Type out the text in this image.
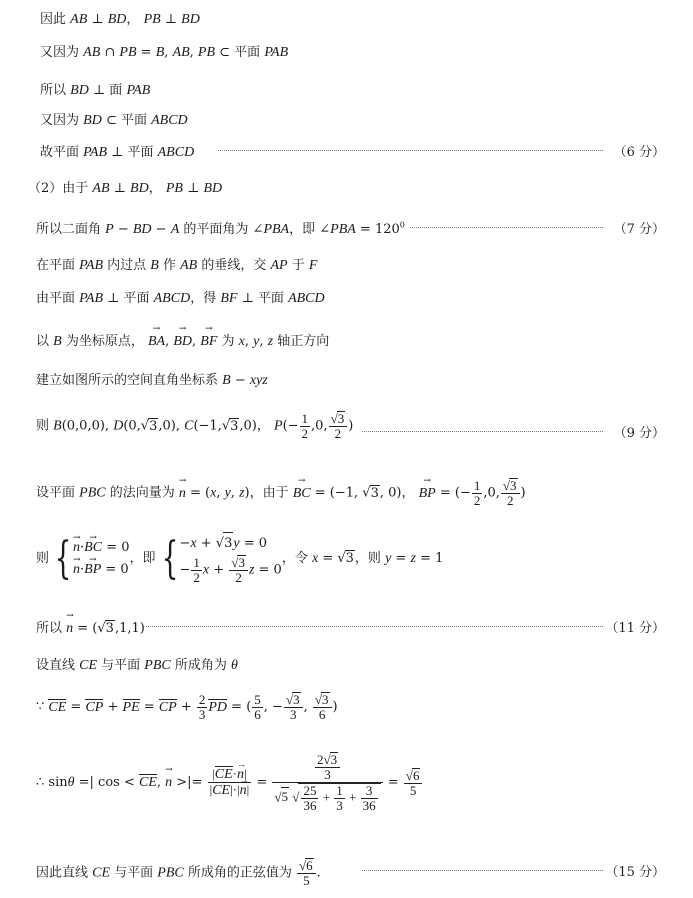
因此 AB ⊥ BD， PB ⊥ BD
又因为 AB ∩ PB = B, AB, PB ⊂ 平面 PAB
所以 BD ⊥ 面 PAB
又因为 BD ⊂ 平面 ABCD
故平面 PAB ⊥ 平面 ABCD	（6 分）
（2）由于 AB ⊥ BD， PB ⊥ BD
所以二面角 P − BD − A 的平面角为 ∠PBA，即 ∠PBA = $120^0$	（7 分）
在平面 PAB 内过点 B 作 AB 的垂线，交 AP 于 F
由平面 PAB ⊥ 平面 ABCD，得 BF ⊥ 平面 ABCD
以 B 为坐标原点， BA →, BD →, BF → 为 x, y, z 轴正方向
建立如图所示的空间直角坐标系 B − xyz
则 B(0,0,0), D(0,√3,0), C(−1,√3,0)， $P(- \frac{1}{2} ,0$, $\frac{√3}{2}$ )	（9 分）
设平面 PBC 的法向量为 n → = (x, y, z)，由于 BC → = (−1, √3, 0)， BP → = (− $\frac{1}{2} ,0$, $\frac{√3}{2}$ )
则 { n →·BC → = 0
n →·BP → = 0
，即 { −x + √3y = 0
− $\frac{1}{2}$ $x + \frac{√3}{2}$ z = 0
，令 x = √3，则 y = z = 1
所以 n → = (√3,1,1)	（11 分）
设直线 CE 与平面 PBC 所成角为 θ
∵ CE = CP + PE = CP + $\frac{2}{3}$ PD = ( $\frac{5}{6}$ , − $\frac{√3}{3}$ , $\frac{√3}{6}$ )
∴ sinθ =| cos < CE, n → >|= $\frac{|CE\cdot n \to|}{|CE|\cdot|n \to|} = \frac{\frac{2√3}{3}}{√5 √ \frac{25}{36} + \frac{1}{3} + \frac{3}{36}} = \frac{√6}{5}$
因此直线 CE 与平面 PBC 所成角的正弦值为 $\frac{√6}{5}$ .	（15 分）
